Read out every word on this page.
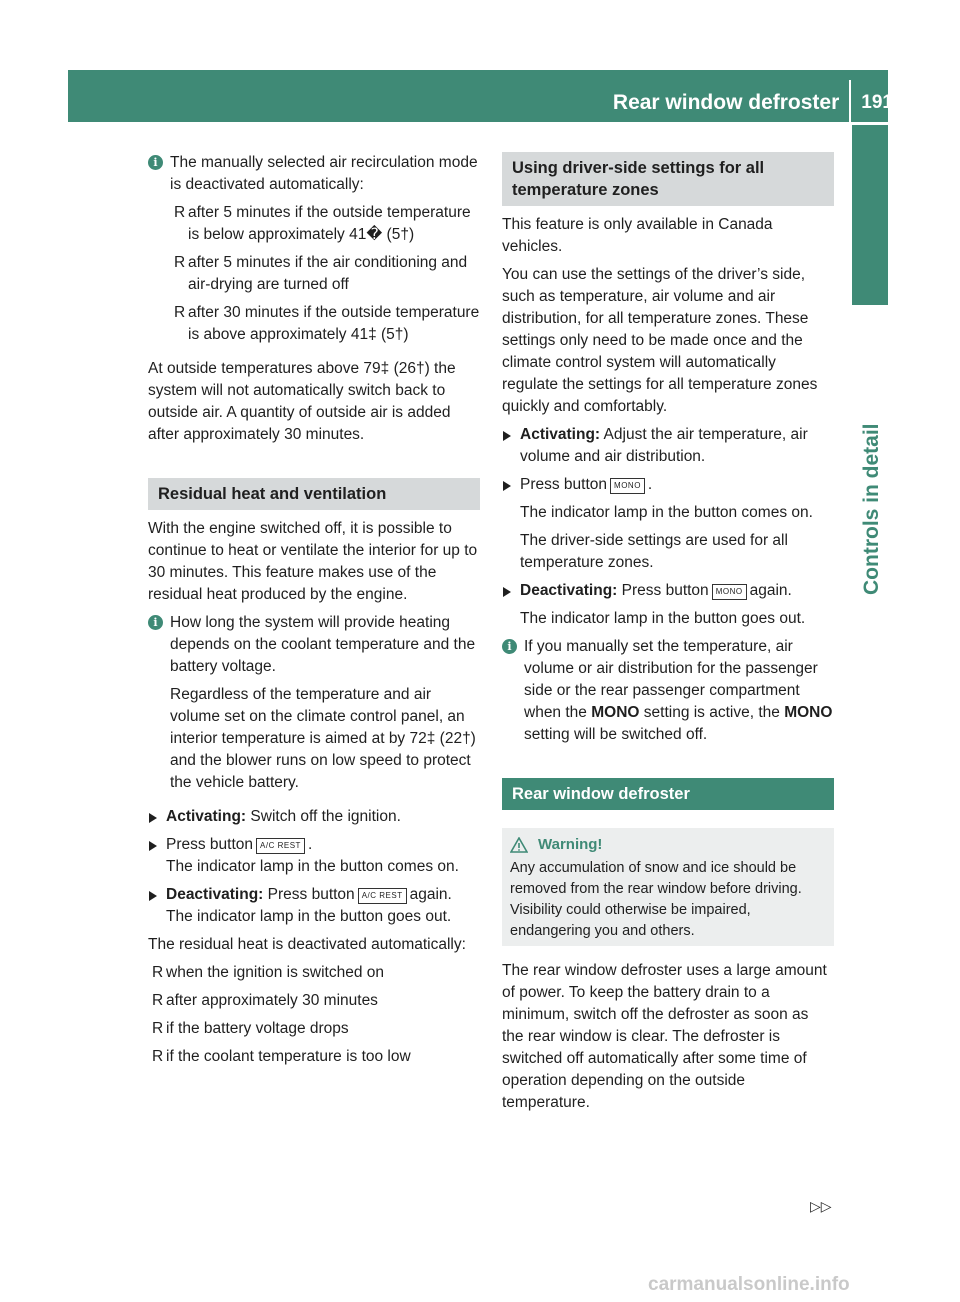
Rear window defroster 191
Controls in detail
i The manually selected air recirculation mode is deactivated automatically:

R after 5 minutes if the outside temperature is below approximately 41� (5†)
R after 5 minutes if the air conditioning and air-drying are turned off
R after 30 minutes if the outside temperature is above approximately 41‡ (5†)

At outside temperatures above 79‡ (26†) the system will not automatically switch back to outside air. A quantity of outside air is added after approximately 30 minutes.

Residual heat and ventilation

With the engine switched off, it is possible to continue to heat or ventilate the interior for up to 30 minutes. This feature makes use of the residual heat produced by the engine.

i How long the system will provide heating depends on the coolant temperature and the battery voltage.

Regardless of the temperature and air volume set on the climate control panel, an interior temperature is aimed at by 72‡ (22†) and the blower runs on low speed to protect the vehicle battery.

Activating: Switch off the ignition.
Press button A/C REST .
The indicator lamp in the button comes on.
Deactivating: Press button A/C REST again.
The indicator lamp in the button goes out.

The residual heat is deactivated automatically:

R when the ignition is switched on
R after approximately 30 minutes
R if the battery voltage drops
R if the coolant temperature is too low
Using driver-side settings for all temperature zones

This feature is only available in Canada vehicles.

You can use the settings of the driver’s side, such as temperature, air volume and air distribution, for all temperature zones. These settings only need to be made once and the climate control system will automatically regulate the settings for all temperature zones quickly and comfortably.

Activating: Adjust the air temperature, air volume and air distribution.
Press button MONO .

The indicator lamp in the button comes on.

The driver-side settings are used for all temperature zones.

Deactivating: Press button MONO again.

The indicator lamp in the button goes out.

i If you manually set the temperature, air volume or air distribution for the passenger side or the rear passenger compartment when the MONO setting is active, the MONO setting will be switched off.
Rear window defroster
Warning!
Any accumulation of snow and ice should be removed from the rear window before driving. Visibility could otherwise be impaired, endangering you and others.

The rear window defroster uses a large amount of power. To keep the battery drain to a minimum, switch off the defroster as soon as the rear window is clear. The defroster is switched off automatically after some time of operation depending on the outside temperature.

▷▷
carmanualsonline.info
